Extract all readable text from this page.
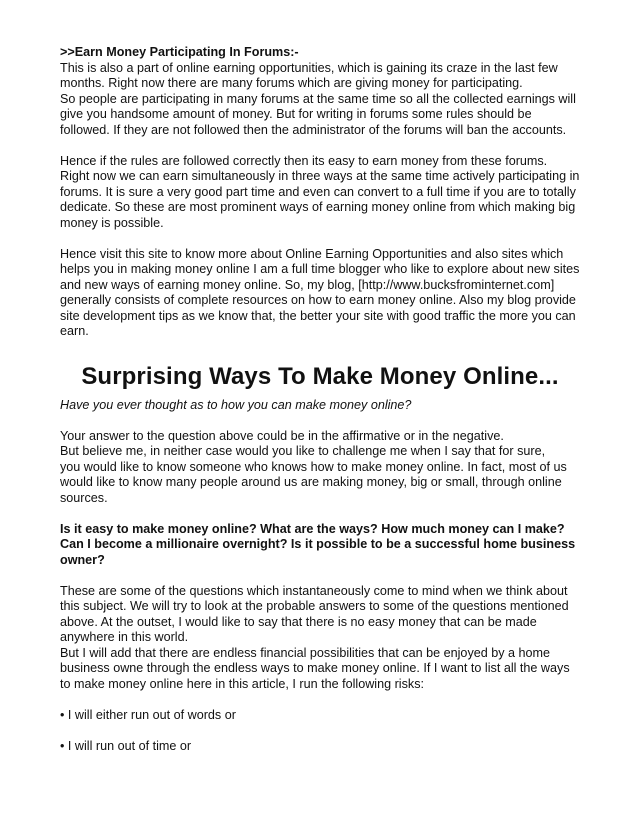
>>Earn Money Participating In Forums:-
This is also a part of online earning opportunities, which is gaining its craze in the last few
months. Right now there are many forums which are giving money for participating.
So people are participating in many forums at the same time so all the collected earnings will
give you handsome amount of money. But for writing in forums some rules should be
followed. If they are not followed then the administrator of the forums will ban the accounts.
Hence if the rules are followed correctly then its easy to earn money from these forums.
Right now we can earn simultaneously in three ways at the same time actively participating in
forums. It is sure a very good part time and even can convert to a full time if you are to totally
dedicate. So these are most prominent ways of earning money online from which making big
money is possible.
Hence visit this site to know more about Online Earning Opportunities and also sites which
helps you in making money online I am a full time blogger who like to explore about new sites
and new ways of earning money online. So, my blog, [http://www.bucksfrominternet.com]
generally consists of complete resources on how to earn money online. Also my blog provide
site development tips as we know that, the better your site with good traffic the more you can
earn.
Surprising Ways To Make Money Online...
Have you ever thought as to how you can make money online?
Your answer to the question above could be in the affirmative or in the negative.
But believe me, in neither case would you like to challenge me when I say that for sure,
you would like to know someone who knows how to make money online. In fact, most of us
would like to know many people around us are making money, big or small, through online
sources.
Is it easy to make money online? What are the ways? How much money can I make?
Can I become a millionaire overnight? Is it possible to be a successful home business
owner?
These are some of the questions which instantaneously come to mind when we think about
this subject. We will try to look at the probable answers to some of the questions mentioned
above. At the outset, I would like to say that there is no easy money that can be made
anywhere in this world.
But I will add that there are endless financial possibilities that can be enjoyed by a home
business owne through the endless ways to make money online. If I want to list all the ways
to make money online here in this article, I run the following risks:
• I will either run out of words or
• I will run out of time or
